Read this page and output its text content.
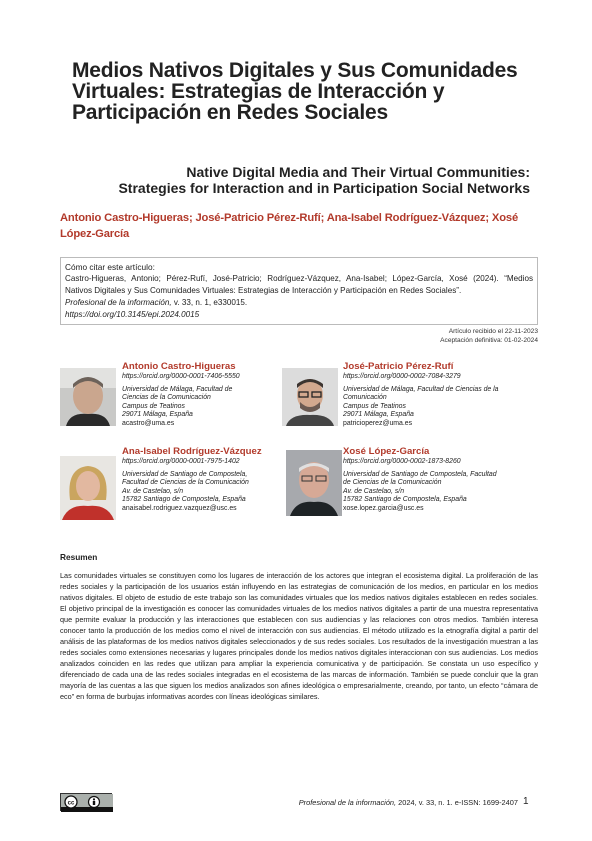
Medios Nativos Digitales y Sus Comunidades Virtuales: Estrategias de Interacción y Participación en Redes Sociales
Native Digital Media and Their Virtual Communities:
Strategies for Interaction and in Participation Social Networks
Antonio Castro-Higueras; José-Patricio Pérez-Rufí; Ana-Isabel Rodríguez-Vázquez; Xosé López-García
Cómo citar este artículo:
Castro-Higueras, Antonio; Pérez-Rufí, José-Patricio; Rodríguez-Vázquez, Ana-Isabel; López-García, Xosé (2024). “Medios Nativos Digitales y Sus Comunidades Virtuales: Estrategias de Interacción y Participación en Redes Sociales”.
Profesional de la información, v. 33, n. 1, e330015.
https://doi.org/10.3145/epi.2024.0015
Artículo recibido el 22-11-2023
Aceptación definitiva: 01-02-2024
Antonio Castro-Higueras
https://orcid.org/0000-0001-7406-5550
Universidad de Málaga, Facultad de
Ciencias de la Comunicación
Campus de Teatinos
29071 Málaga, España
acastro@uma.es
José-Patricio Pérez-Rufí
https://orcid.org/0000-0002-7084-3279
Universidad de Málaga, Facultad de Ciencias de la
Comunicación
Campus de Teatinos
29071 Málaga, España
patricioperez@uma.es
Ana-Isabel Rodríguez-Vázquez
https://orcid.org/0000-0001-7975-1402
Universidad de Santiago de Compostela,
Facultad de Ciencias de la Comunicación
Av. de Castelao, s/n
15782 Santiago de Compostela, España
anaisabel.rodriguez.vazquez@usc.es
Xosé López-García
https://orcid.org/0000-0002-1873-8260
Universidad de Santiago de Compostela, Facultad
de Ciencias de la Comunicación
Av. de Castelao, s/n
15782 Santiago de Compostela, España
xose.lopez.garcia@usc.es
Resumen
Las comunidades virtuales se constituyen como los lugares de interacción de los actores que integran el ecosistema digital. La proliferación de las redes sociales y la participación de los usuarios están influyendo en las estrategias de comunicación de los medios, en particular en los medios nativos digitales. El objeto de estudio de este trabajo son las comunidades virtuales que los medios nativos digitales establecen en redes sociales. El objetivo principal de la investigación es conocer las comunidades virtuales de los medios nativos digitales a partir de una muestra representativa que permite evaluar la producción y las interacciones que establecen con sus audiencias y las relaciones con otros medios. También interesa conocer tanto la producción de los medios como el nivel de interacción con sus audiencias. El método utilizado es la etnografía digital a partir del análisis de las plataformas de los medios nativos digitales seleccionados y de sus redes sociales. Los resultados de la investigación muestran a las redes sociales como extensiones necesarias y lugares principales donde los medios nativos digitales interaccionan con sus audiencias. Los medios analizados coinciden en las redes que utilizan para ampliar la experiencia comunicativa y de participación. Se constata un uso específico y diferenciado de cada una de las redes sociales integradas en el ecosistema de las marcas de información. También se puede concluir que la gran mayoría de las cuentas a las que siguen los medios analizados son afines ideológica o empresarialmente, creando, por tanto, un efecto “cámara de eco” en forma de burbujas informativas acordes con líneas ideológicas similares.
cc	Profesional de la información, 2024, v. 33, n. 1. e-ISSN: 1699-2407 1
